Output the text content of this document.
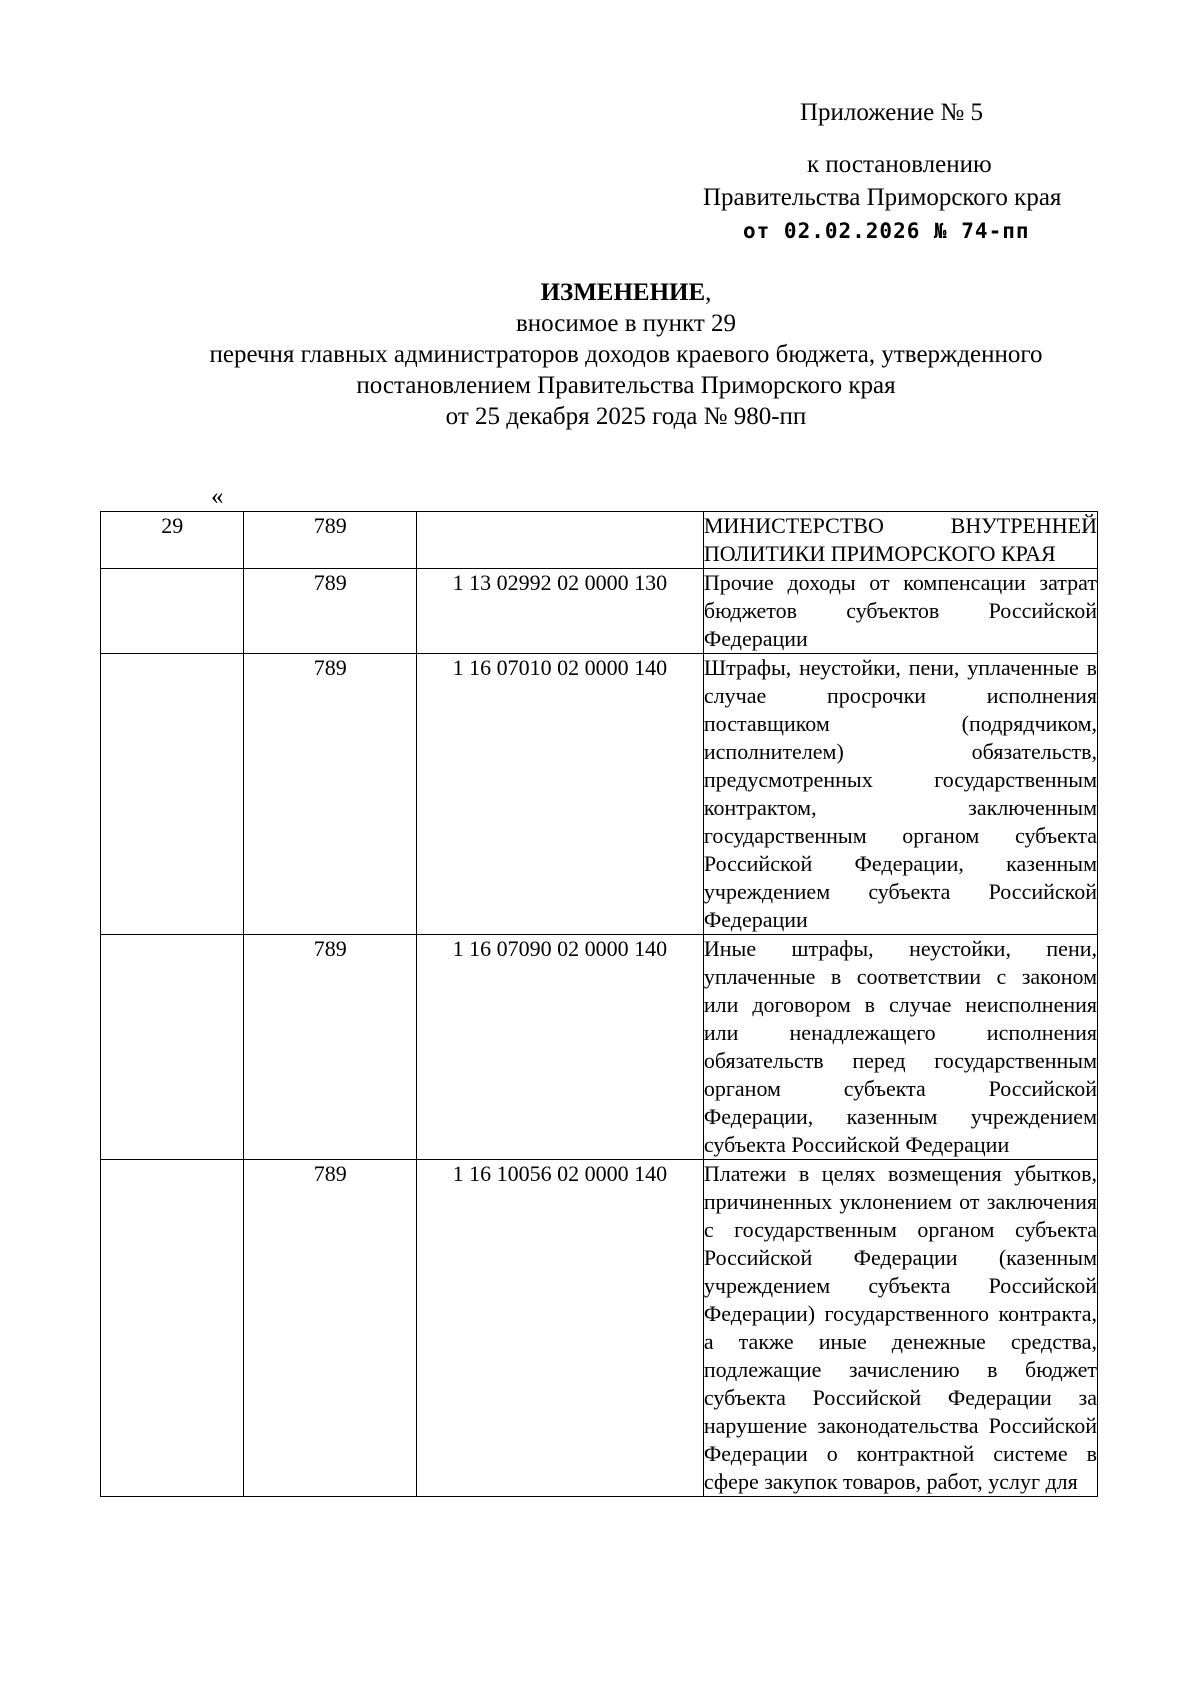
Приложение № 5
к постановлению
Правительства Приморского края
от 02.02.2026 № 74-пп
ИЗМЕНЕНИЕ,
вносимое в пункт 29
перечня главных администраторов доходов краевого бюджета, утвержденного
постановлением Правительства Приморского края
от 25 декабря 2025 года № 980-пп
«
29	789		МИНИСТЕРСТВО ВНУТРЕННЕЙ ПОЛИТИКИ ПРИМОРСКОГО КРАЯ
	789	1 13 02992 02 0000 130	Прочие доходы от компенсации затрат бюджетов субъектов Российской Федерации
	789	1 16 07010 02 0000 140	Штрафы, неустойки, пени, уплаченные в случае просрочки исполнения поставщиком (подрядчиком, исполнителем) обязательств, предусмотренных государственным контрактом, заключенным государственным органом субъекта Российской Федерации, казенным учреждением субъекта Российской Федерации
	789	1 16 07090 02 0000 140	Иные штрафы, неустойки, пени, уплаченные в соответствии с законом или договором в случае неисполнения или ненадлежащего исполнения обязательств перед государственным органом субъекта Российской Федерации, казенным учреждением субъекта Российской Федерации
	789	1 16 10056 02 0000 140	Платежи в целях возмещения убытков, причиненных уклонением от заключения с государственным органом субъекта Российской Федерации (казенным учреждением субъекта Российской Федерации) государственного контракта, а также иные денежные средства, подлежащие зачислению в бюджет субъекта Российской Федерации за нарушение законодательства Российской Федерации о контрактной системе в сфере закупок товаров, работ, услуг для
